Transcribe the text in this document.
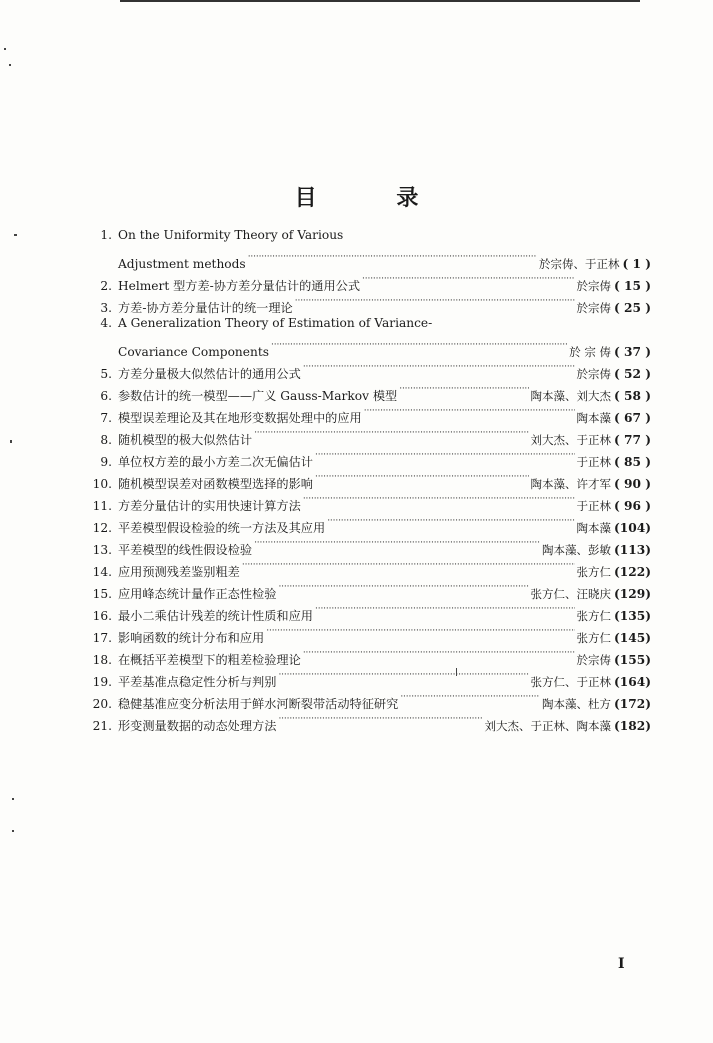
目 录
1. On the Uniformity Theory of Various
Adjustment methods · · ·	於宗俦、于正林 ( 1 )
2. Helmert 型方差-协方差分量估计的通用公式 · · ·	於宗俦 ( 15 )
3. 方差-协方差分量估计的统一理论 · · ·	於宗俦 ( 25 )
4. A Generalization Theory of Estimation of Variance-
Covariance Components · · ·	於 宗 俦 ( 37 )
5. 方差分量极大似然估计的通用公式 · · ·	於宗俦 ( 52 )
6. 参数估计的统一模型——广义 Gauss-Markov 模型 · · ·	陶本藻、刘大杰 ( 58 )
7. 模型误差理论及其在地形变数据处理中的应用 · · ·	陶本藻 ( 67 )
8. 随机模型的极大似然估计 · · ·	刘大杰、于正林 ( 77 )
9. 单位权方差的最小方差二次无偏估计 · · ·	于正林 ( 85 )
10. 随机模型误差对函数模型选择的影响 · · ·	陶本藻、许才军 ( 90 )
11. 方差分量估计的实用快速计算方法 · · ·	于正林 ( 96 )
12. 平差模型假设检验的统一方法及其应用 · · ·	陶本藻 (104)
13. 平差模型的线性假设检验 · · ·	陶本藻、彭敏 (113)
14. 应用预测残差鉴别粗差 · · ·	张方仁 (122)
15. 应用峰态统计量作正态性检验 · · ·	张方仁、汪晓庆 (129)
16. 最小二乘估计残差的统计性质和应用 · · ·	张方仁 (135)
17. 影响函数的统计分布和应用 · · ·	张方仁 (145)
18. 在概括平差模型下的粗差检验理论 · · ·	於宗俦 (155)
19. 平差基准点稳定性分析与判别 · · ·	张方仁、于正林 (164)
20. 稳健基准应变分析法用于鲜水河断裂带活动特征研究 · · ·	陶本藻、杜方 (172)
21. 形变测量数据的动态处理方法 · · ·	刘大杰、于正林、陶本藻 (182)
I
